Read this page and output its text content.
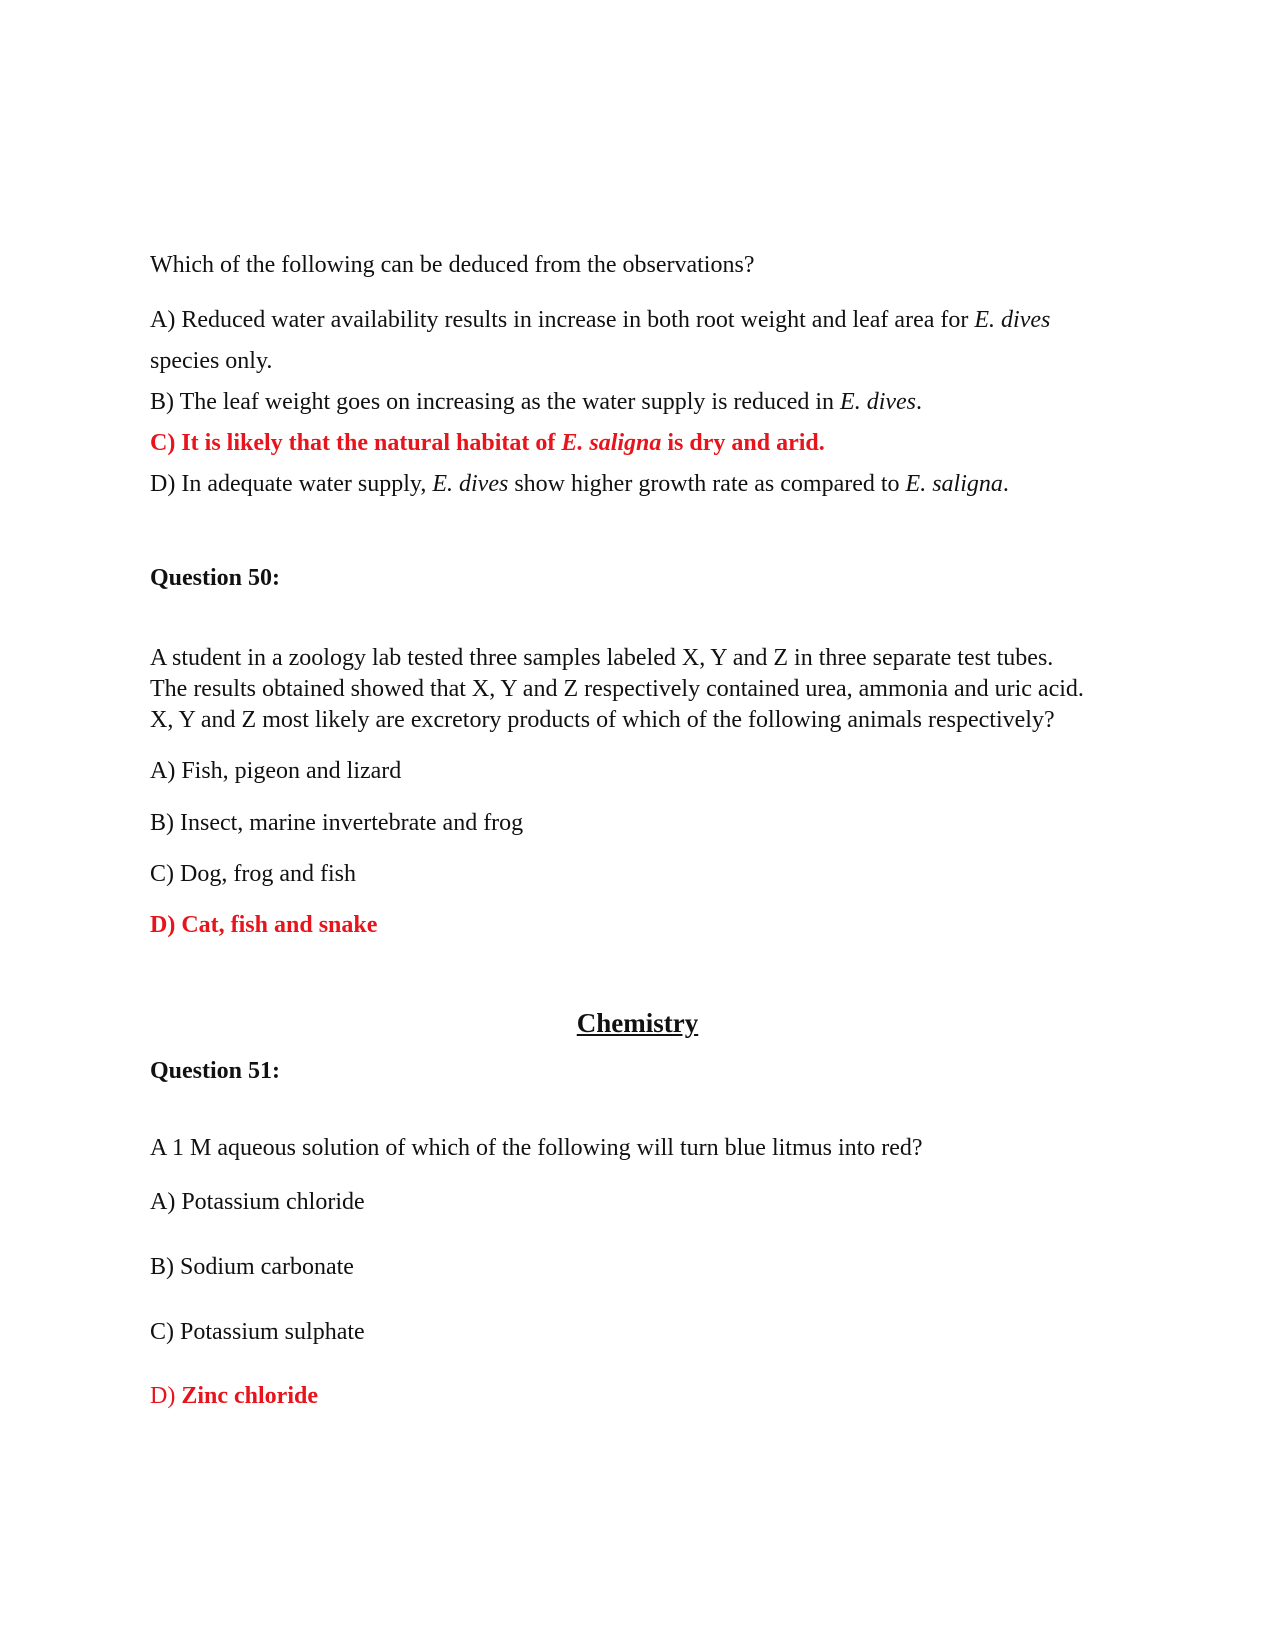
Which of the following can be deduced from the observations?
A) Reduced water availability results in increase in both root weight and leaf area for E. dives
species only.
B) The leaf weight goes on increasing as the water supply is reduced in E. dives.
C) It is likely that the natural habitat of E. saligna is dry and arid.
D) In adequate water supply, E. dives show higher growth rate as compared to E. saligna.
Question 50:
A student in a zoology lab tested three samples labeled X, Y and Z in three separate test tubes.
The results obtained showed that X, Y and Z respectively contained urea, ammonia and uric acid.
X, Y and Z most likely are excretory products of which of the following animals respectively?
A) Fish, pigeon and lizard
B) Insect, marine invertebrate and frog
C) Dog, frog and fish
D) Cat, fish and snake
Chemistry
Question 51:
A 1 M aqueous solution of which of the following will turn blue litmus into red?
A) Potassium chloride
B) Sodium carbonate
C) Potassium sulphate
D) Zinc chloride
